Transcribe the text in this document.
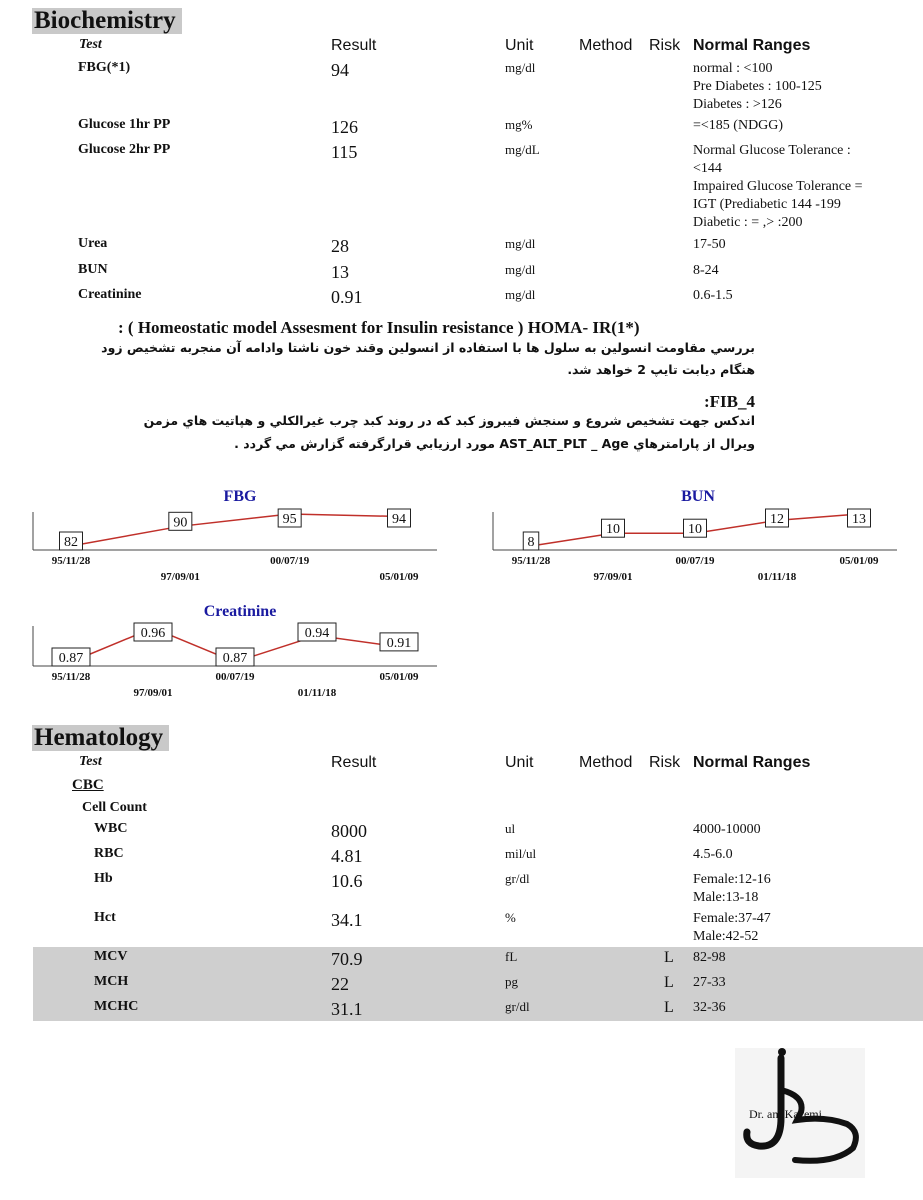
Biochemistry
Test	Result	Unit	Method Risk Normal Ranges
FBG(*1)	94	mg/dl	normal : <100
Pre Diabetes : 100-125
Diabetes : >126
Glucose 1hr PP	126	mg%	=<185 (NDGG)
Glucose 2hr PP	115	mg/dL	Normal Glucose Tolerance :
<144
Impaired Glucose Tolerance =
IGT (Prediabetic 144 -199
Diabetic : = ,> :200
Urea	28	mg/dl	17-50
BUN	13	mg/dl	8-24
Creatinine	0.91	mg/dl	0.6-1.5
: ( Homeostatic model Assesment for Insulin resistance ) HOMA- IR(1*)
بررسي مقاومت انسولين به سلول ها با استفاده از انسولين وقند خون ناشتا وادامه آن منجربه تشخيص زود
هنگام ديابت تايپ 2 خواهد شد.
:FIB_4
اندكس جهت تشخيص شروع و سنجش فيبروز كبد كه در روند كبد چرب غيرالكلي و هپاتيت هاي مزمن
ويرال از پارامترهاي AST_ALT_PLT _ Age مورد ارزيابي قرارگرفته گزارش مي گردد .
FBG
82
95/11/28
90
97/09/01
95
00/07/19
94
05/01/09
BUN
8
95/11/28
10
97/09/01
10
00/07/19
12
01/11/18
13
05/01/09
Creatinine
0.87
95/11/28
0.96
97/09/01
0.87
00/07/19
0.94
01/11/18
0.91
05/01/09
Hematology
Test	Result	Unit	Method Risk Normal Ranges
CBC
Cell Count
WBC	8000	ul	4000-10000
RBC	4.81	mil/ul	4.5-6.0
Hb	10.6	gr/dl	Female:12-16
Male:13-18
Hct	34.1	%	Female:37-47
Male:42-52
MCV	70.9	fL	L 82-98
MCH	22	pg	L 27-33
MCHC	31.1	gr/dl	L 32-36
Dr. am.Kazemi
